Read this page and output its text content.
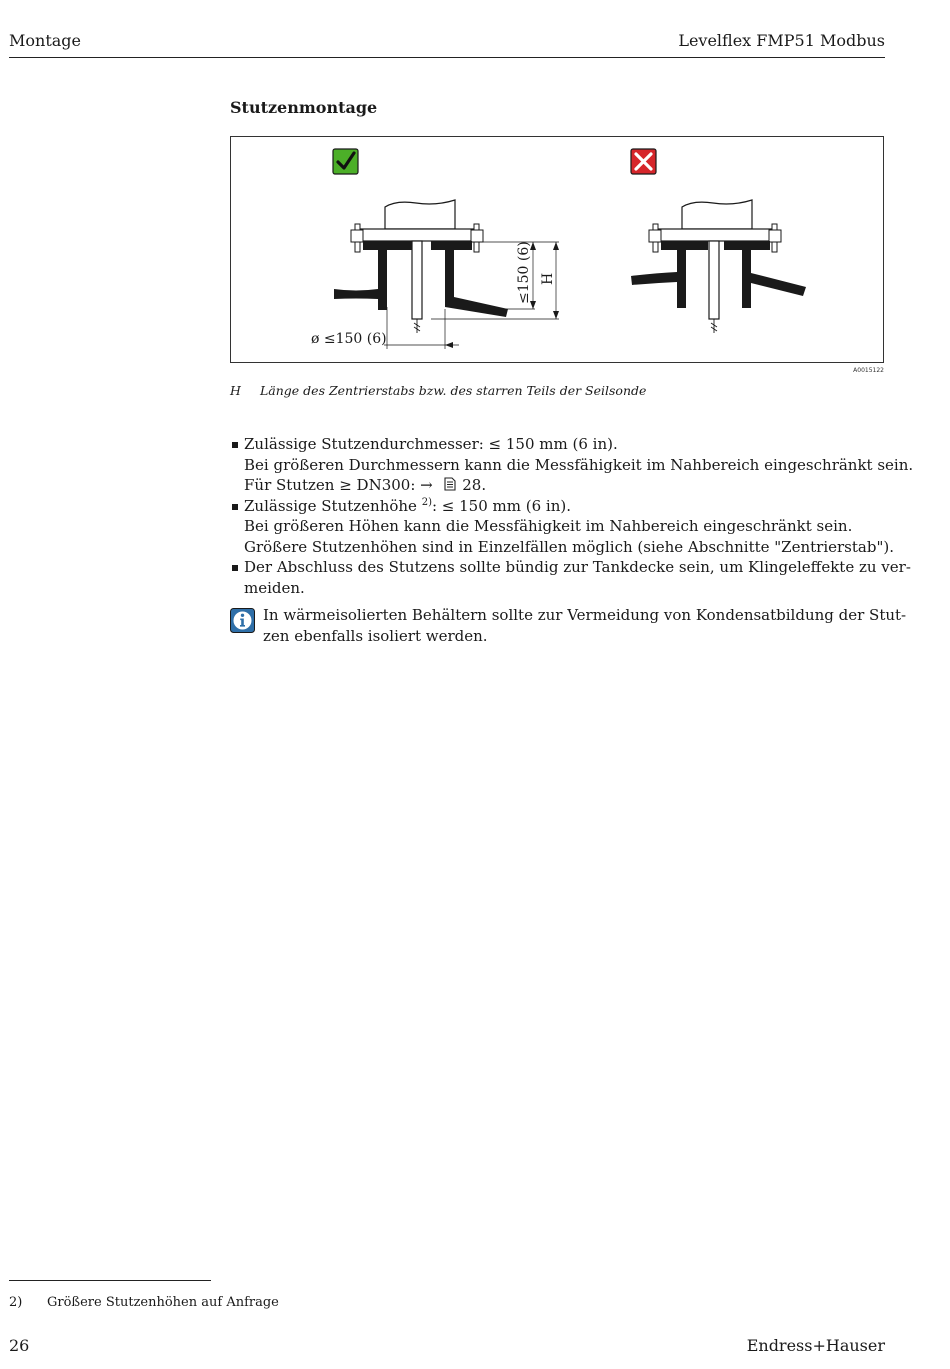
Montage	Levelflex FMP51 Modbus
Stutzenmontage
ø ≤150 (6)
≤150 (6) H
A0015122
H Länge des Zentrierstabs bzw. des starren Teils der Seilsonde
Zulässige Stutzendurchmesser: ≤ 150 mm (6 in).
Bei größeren Durchmessern kann die Messfähigkeit im Nahbereich eingeschränkt sein.
Für Stutzen ≥ DN300: →  28.
Zulässige Stutzenhöhe $^{2)}$: ≤ 150 mm (6 in).
Bei größeren Höhen kann die Messfähigkeit im Nahbereich eingeschränkt sein.
Größere Stutzenhöhen sind in Einzelfällen möglich (siehe Abschnitte "Zentrierstab").
Der Abschluss des Stutzens sollte bündig zur Tankdecke sein, um Klingeleffekte zu ver-
meiden.
In wärmeisolierten Behältern sollte zur Vermeidung von Kondensatbildung der Stut-
zen ebenfalls isoliert werden.
2) Größere Stutzenhöhen auf Anfrage
26	Endress+Hauser
